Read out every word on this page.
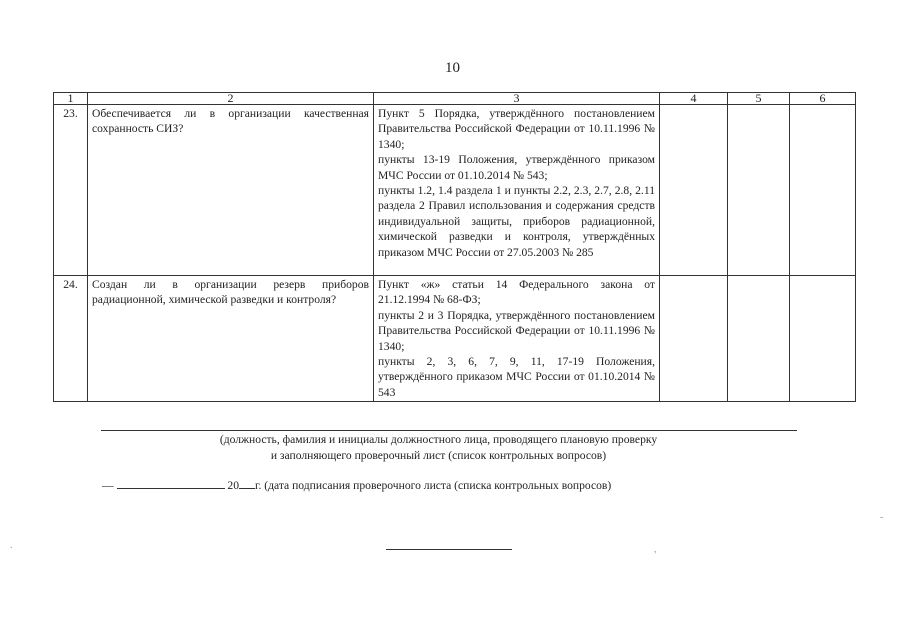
10
1	2	3	4	5	6
23.	Обеспечивается ли в организации качественная сохранность СИЗ?	Пункт 5 Порядка, утверждённого постановлением Правительства Российской Федерации от 10.11.1996 № 1340;
пункты 13-19 Положения, утверждённого приказом МЧС России от 01.10.2014 № 543;
пункты 1.2, 1.4 раздела 1 и пункты 2.2, 2.3, 2.7, 2.8, 2.11 раздела 2 Правил использования и содержания средств индивидуальной защиты, приборов радиационной, химической разведки и контроля, утверждённых приказом МЧС России от 27.05.2003 № 285			

24.	Создан ли в организации резерв приборов радиационной, химической разведки и контроля?	Пункт «ж» статьи 14 Федерального закона от 21.12.1994 № 68-ФЗ;
пункты 2 и 3 Порядка, утверждённого постановлением Правительства Российской Федерации от 10.11.1996 № 1340;
пункты 2, 3, 6, 7, 9, 11, 17-19 Положения, утверждённого приказом МЧС России от 01.10.2014 № 543			

(должность, фамилия и инициалы должностного лица, проводящего плановую проверку
и заполняющего проверочный лист (список контрольных вопросов)
—	20 г. (дата подписания проверочного листа (списка контрольных вопросов)
.	,
-
